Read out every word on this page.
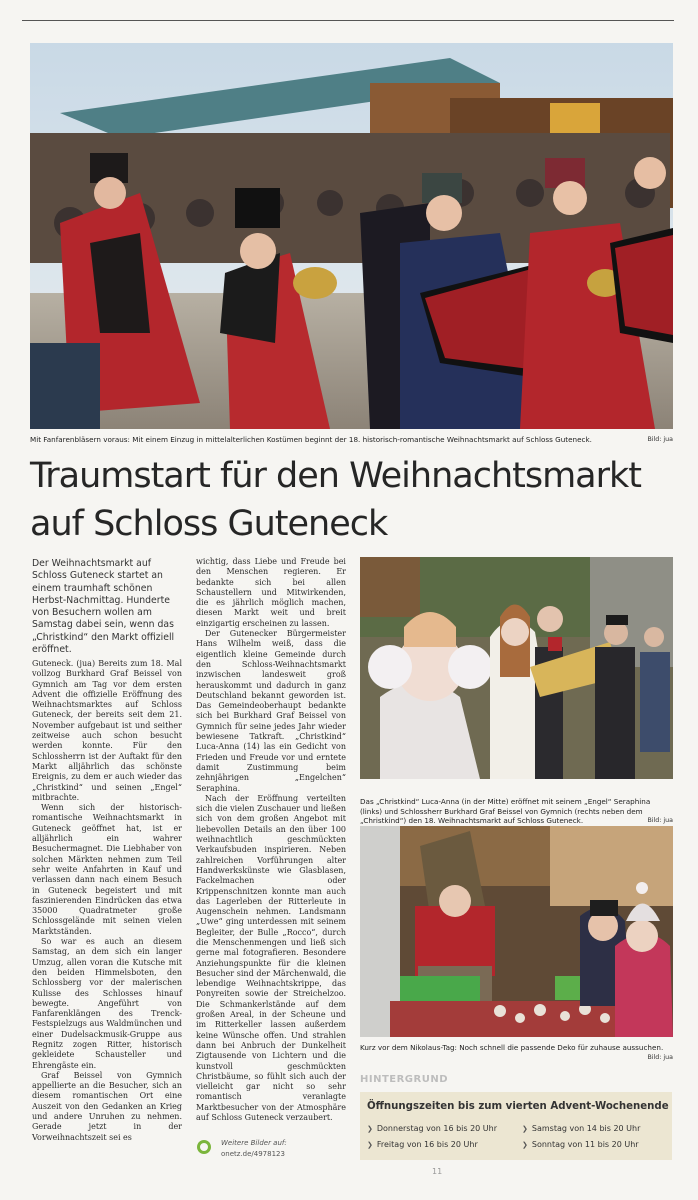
Bild: jua
Mit Fanfarenbläsern voraus: Mit einem Einzug in mittelalterlichen Kostümen beginnt der 18. historisch-romantische Weihnachtsmarkt auf Schloss Guteneck.
Traumstart für den Weihnachtsmarkt
auf Schloss Guteneck
Der Weihnachtsmarkt auf Schloss Guteneck startet an einem traumhaft schönen Herbst-Nachmittag. Hunderte von Besuchern wollen am Samstag dabei sein, wenn das „Christkind“ den Markt offiziell eröffnet.

Guteneck. (jua) Bereits zum 18. Mal vollzog Burkhard Graf Beissel von Gymnich am Tag vor dem ersten Advent die offizielle Eröffnung des Weihnachtsmarktes auf Schloss Guteneck, der bereits seit dem 21. November aufgebaut ist und seither zeitweise auch schon besucht werden konnte. Für den Schlossherrn ist der Auftakt für den Markt alljährlich das schönste Ereignis, zu dem er auch wieder das „Christkind“ und seinen „Engel“ mitbrachte.

Wenn sich der historisch-romantische Weihnachtsmarkt in Guteneck geöffnet hat, ist er alljährlich ein wahrer Besuchermagnet. Die Liebhaber von solchen Märkten nehmen zum Teil sehr weite Anfahrten in Kauf und verlassen dann nach einem Besuch in Guteneck begeistert und mit faszinierenden Eindrücken das etwa 35000 Quadratmeter große Schlossgelände mit seinen vielen Marktständen.

So war es auch an diesem Samstag, an dem sich ein langer Umzug, allen voran die Kutsche mit den beiden Himmelsboten, den Schlossberg vor der malerischen Kulisse des Schlosses hinauf bewegte. Angeführt von Fanfarenklängen des Trenck-Festspielzugs aus Waldmünchen und einer Dudelsackmusik-Gruppe aus Regnitz zogen Ritter, historisch gekleidete Schausteller und Ehrengäste ein.

Graf Beissel von Gymnich appellierte an die Besucher, sich an diesem romantischen Ort eine Auszeit von den Gedanken an Krieg und andere Unruhen zu nehmen. Gerade jetzt in der Vorweihnachtszeit sei es

wichtig, dass Liebe und Freude bei den Menschen regieren. Er bedankte sich bei allen Schaustellern und Mitwirkenden, die es jährlich möglich machen, diesen Markt weit und breit einzigartig erscheinen zu lassen.

Der Gutenecker Bürgermeister Hans Wilhelm weiß, dass die eigentlich kleine Gemeinde durch den Schloss-Weihnachtsmarkt inzwischen landesweit groß herauskommt und dadurch in ganz Deutschland bekannt geworden ist. Das Gemeindeoberhaupt bedankte sich bei Burkhard Graf Beissel von Gymnich für seine jedes Jahr wieder bewiesene Tatkraft. „Christkind“ Luca-Anna (14) las ein Gedicht von Frieden und Freude vor und erntete damit Zustimmung beim zehnjährigen „Engelchen“ Seraphina.

Nach der Eröffnung verteilten sich die vielen Zuschauer und ließen sich von dem großen Angebot mit liebevollen Details an den über 100 weihnachtlich geschmückten Verkaufsbuden inspirieren. Neben zahlreichen Vorführungen alter Handwerkskünste wie Glasblasen, Fackelmachen oder Krippenschnitzen konnte man auch das Lagerleben der Ritterleute in Augenschein nehmen. Landsmann „Uwe“ ging unterdessen mit seinem Begleiter, der Bulle „Rocco“, durch die Menschenmengen und ließ sich gerne mal fotografieren. Besondere Anziehungspunkte für die kleinen Besucher sind der Märchenwald, die lebendige Weihnachtskrippe, das Ponyreiten sowie der Streichelzoo. Die Schmankerlstände auf dem großen Areal, in der Scheune und im Ritterkeller lassen außerdem keine Wünsche offen. Und strahlen dann bei Anbruch der Dunkelheit Zigtausende von Lichtern und die kunstvoll geschmückten Christbäume, so fühlt sich auch der vielleicht gar nicht so sehr romantisch veranlagte Marktbesucher von der Atmosphäre auf Schloss Guteneck verzaubert.

Weitere Bilder auf:
onetz.de/4978123
Das „Christkind“ Luca-Anna (in der Mitte) eröffnet mit seinem „Engel“ Seraphina (links) und Schlossherr Burkhard Graf Beissel von Gymnich (rechts neben dem „Christkind“) den 18. Weihnachtsmarkt auf Schloss Guteneck.	Bild: jua
Kurz vor dem Nikolaus-Tag: Noch schnell die passende Deko für zuhause aussuchen.
Bild: jua
HINTERGRUND
Öffnungszeiten bis zum vierten Advent-Wochenende
❯ Donnerstag von 16 bis 20 Uhr	❯ Samstag von 14 bis 20 Uhr
❯ Freitag von 16 bis 20 Uhr	❯ Sonntag von 11 bis 20 Uhr
11
